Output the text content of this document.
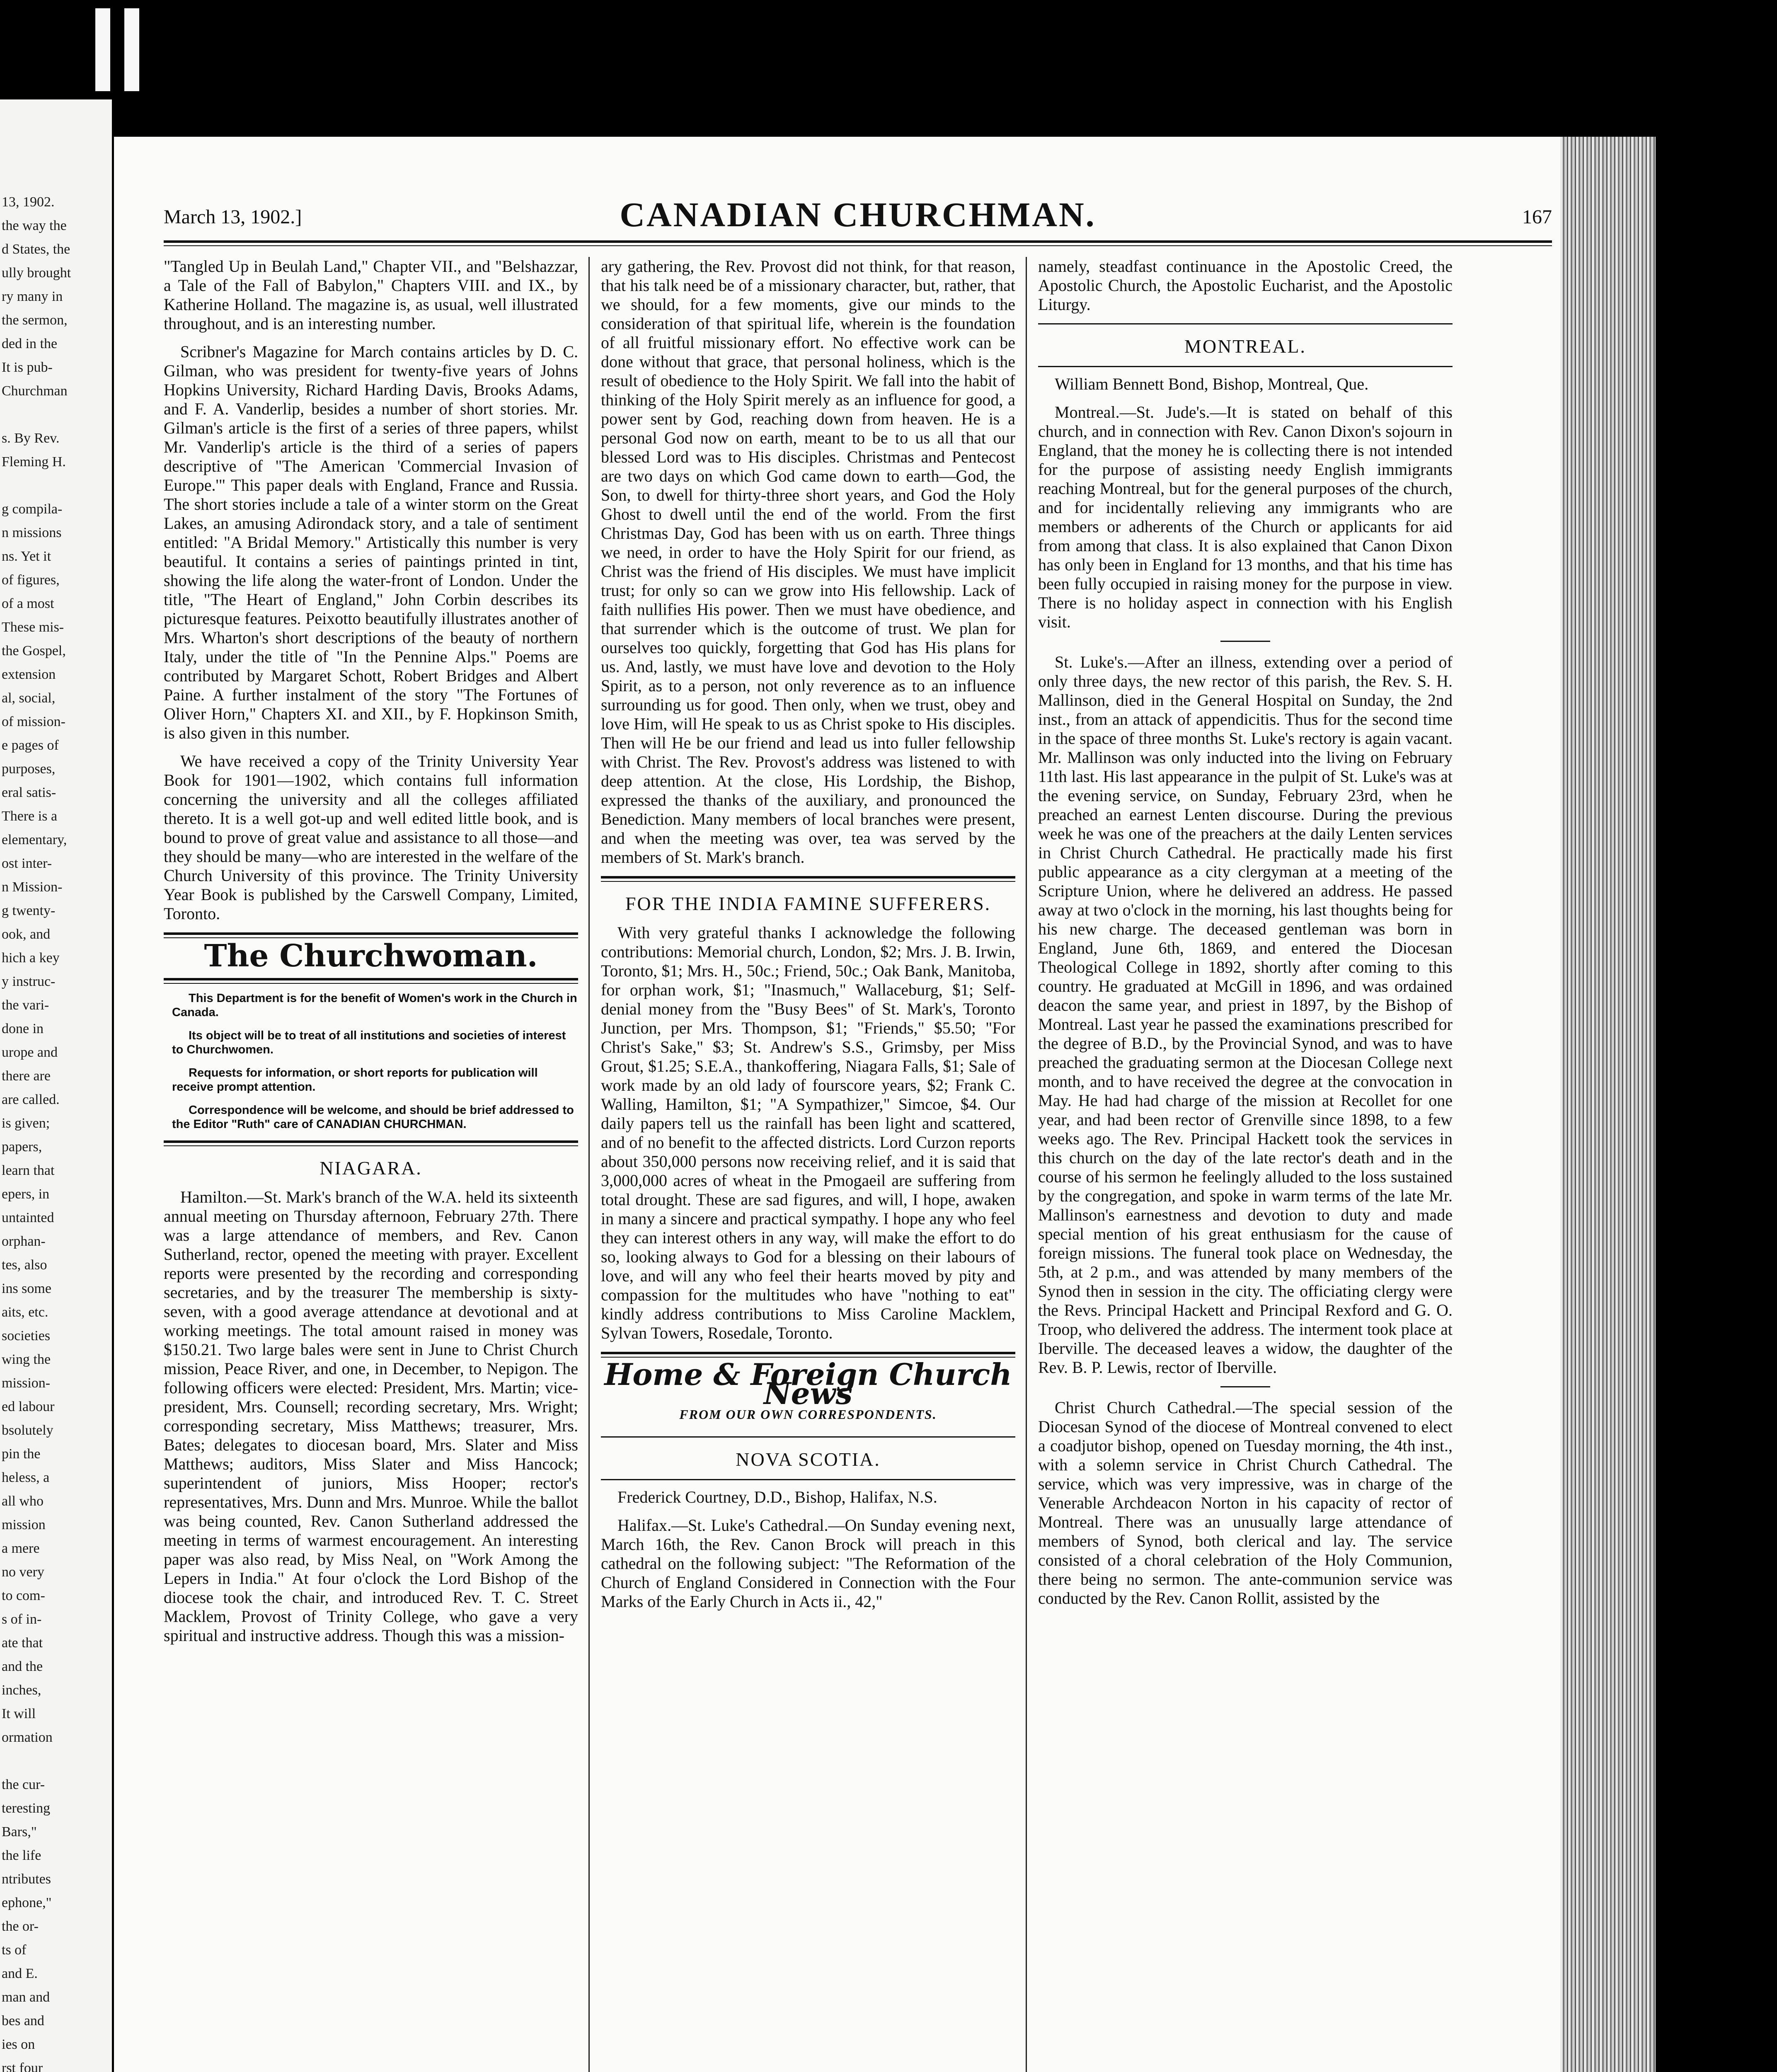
13, 1902.
the way the
d States, the
ully brought
ry many in
the sermon,
ded in the
It is pub-
Churchman
s. By Rev.
Fleming H.
g compila-
n missions
ns. Yet it
of figures,
of a most
These mis-
the Gospel,
extension
al, social,
of mission-
e pages of
purposes,
eral satis-
There is a
elementary,
ost inter-
n Mission-
g twenty-
ook, and
hich a key
y instruc-
the vari-
done in
urope and
there are
are called.
is given;
papers,
learn that
epers, in
untainted
orphan-
tes, also
ins some
aits, etc.
societies
wing the
mission-
ed labour
bsolutely
pin the
heless, a
all who
mission
a mere
no very
to com-
s of in-
ate that
and the
inches,
It will
ormation
the cur-
teresting
Bars,"
the life
ntributes
ephone,"
the or-
ts of
and E.
man and
bes and
ies on
rst four
March 13, 1902.]	CANADIAN CHURCHMAN.	167

"Tangled Up in Beulah Land," Chapter VII., and "Belshazzar, a Tale of the Fall of Babylon," Chapters VIII. and IX., by Katherine Holland. The magazine is, as usual, well illustrated throughout, and is an interesting number.

Scribner's Magazine for March contains articles by D. C. Gilman, who was president for twenty-five years of Johns Hopkins University, Richard Harding Davis, Brooks Adams, and F. A. Vanderlip, besides a number of short stories. Mr. Gilman's article is the first of a series of three papers, whilst Mr. Vanderlip's article is the third of a series of papers descriptive of "The American 'Commercial Invasion of Europe.'" This paper deals with England, France and Russia. The short stories include a tale of a winter storm on the Great Lakes, an amusing Adirondack story, and a tale of sentiment entitled: "A Bridal Memory." Artistically this number is very beautiful. It contains a series of paintings printed in tint, showing the life along the water-front of London. Under the title, "The Heart of England," John Corbin describes its picturesque features. Peixotto beautifully illustrates another of Mrs. Wharton's short descriptions of the beauty of northern Italy, under the title of "In the Pennine Alps." Poems are contributed by Margaret Schott, Robert Bridges and Albert Paine. A further instalment of the story "The Fortunes of Oliver Horn," Chapters XI. and XII., by F. Hopkinson Smith, is also given in this number.

We have received a copy of the Trinity University Year Book for 1901—1902, which contains full information concerning the university and all the colleges affiliated thereto. It is a well got-up and well edited little book, and is bound to prove of great value and assistance to all those—and they should be many—who are interested in the welfare of the Church University of this province. The Trinity University Year Book is published by the Carswell Company, Limited, Toronto.

The Churchwoman.

This Department is for the benefit of Women's work in the Church in Canada.

Its object will be to treat of all institutions and societies of interest to Churchwomen.

Requests for information, or short reports for publication will receive prompt attention.

Correspondence will be welcome, and should be brief addressed to the Editor "Ruth" care of CANADIAN CHURCHMAN.

NIAGARA.

Hamilton.—St. Mark's branch of the W.A. held its sixteenth annual meeting on Thursday afternoon, February 27th. There was a large attendance of members, and Rev. Canon Sutherland, rector, opened the meeting with prayer. Excellent reports were presented by the recording and corresponding secretaries, and by the treasurer The membership is sixty-seven, with a good average attendance at devotional and at working meetings. The total amount raised in money was $150.21. Two large bales were sent in June to Christ Church mission, Peace River, and one, in December, to Nepigon. The following officers were elected: President, Mrs. Martin; vice-president, Mrs. Counsell; recording secretary, Mrs. Wright; corresponding secretary, Miss Matthews; treasurer, Mrs. Bates; delegates to diocesan board, Mrs. Slater and Miss Matthews; auditors, Miss Slater and Miss Hancock; superintendent of juniors, Miss Hooper; rector's representatives, Mrs. Dunn and Mrs. Munroe. While the ballot was being counted, Rev. Canon Sutherland addressed the meeting in terms of warmest encouragement. An interesting paper was also read, by Miss Neal, on "Work Among the Lepers in India." At four o'clock the Lord Bishop of the diocese took the chair, and introduced Rev. T. C. Street Macklem, Provost of Trinity College, who gave a very spiritual and instructive address. Though this was a mission-

ary gathering, the Rev. Provost did not think, for that reason, that his talk need be of a missionary character, but, rather, that we should, for a few moments, give our minds to the consideration of that spiritual life, wherein is the foundation of all fruitful missionary effort. No effective work can be done without that grace, that personal holiness, which is the result of obedience to the Holy Spirit. We fall into the habit of thinking of the Holy Spirit merely as an influence for good, a power sent by God, reaching down from heaven. He is a personal God now on earth, meant to be to us all that our blessed Lord was to His disciples. Christmas and Pentecost are two days on which God came down to earth—God, the Son, to dwell for thirty-three short years, and God the Holy Ghost to dwell until the end of the world. From the first Christmas Day, God has been with us on earth. Three things we need, in order to have the Holy Spirit for our friend, as Christ was the friend of His disciples. We must have implicit trust; for only so can we grow into His fellowship. Lack of faith nullifies His power. Then we must have obedience, and that surrender which is the outcome of trust. We plan for ourselves too quickly, forgetting that God has His plans for us. And, lastly, we must have love and devotion to the Holy Spirit, as to a person, not only reverence as to an influence surrounding us for good. Then only, when we trust, obey and love Him, will He speak to us as Christ spoke to His disciples. Then will He be our friend and lead us into fuller fellowship with Christ. The Rev. Provost's address was listened to with deep attention. At the close, His Lordship, the Bishop, expressed the thanks of the auxiliary, and pronounced the Benediction. Many members of local branches were present, and when the meeting was over, tea was served by the members of St. Mark's branch.

FOR THE INDIA FAMINE SUFFERERS.

With very grateful thanks I acknowledge the following contributions: Memorial church, London, $2; Mrs. J. B. Irwin, Toronto, $1; Mrs. H., 50c.; Friend, 50c.; Oak Bank, Manitoba, for orphan work, $1; "Inasmuch," Wallaceburg, $1; Self-denial money from the "Busy Bees" of St. Mark's, Toronto Junction, per Mrs. Thompson, $1; "Friends," $5.50; "For Christ's Sake," $3; St. Andrew's S.S., Grimsby, per Miss Grout, $1.25; S.E.A., thankoffering, Niagara Falls, $1; Sale of work made by an old lady of fourscore years, $2; Frank C. Walling, Hamilton, $1; "A Sympathizer," Simcoe, $4. Our daily papers tell us the rainfall has been light and scattered, and of no benefit to the affected districts. Lord Curzon reports about 350,000 persons now receiving relief, and it is said that 3,000,000 acres of wheat in the Pmogaeil are suffering from total drought. These are sad figures, and will, I hope, awaken in many a sincere and practical sympathy. I hope any who feel they can interest others in any way, will make the effort to do so, looking always to God for a blessing on their labours of love, and will any who feel their hearts moved by pity and compassion for the multitudes who have "nothing to eat" kindly address contributions to Miss Caroline Macklem, Sylvan Towers, Rosedale, Toronto.

Home & Foreign Church News
FROM OUR OWN CORRESPONDENTS.
NOVA SCOTIA.

Frederick Courtney, D.D., Bishop, Halifax, N.S.

Halifax.—St. Luke's Cathedral.—On Sunday evening next, March 16th, the Rev. Canon Brock will preach in this cathedral on the following subject: "The Reformation of the Church of England Considered in Connection with the Four Marks of the Early Church in Acts ii., 42,"

namely, steadfast continuance in the Apostolic Creed, the Apostolic Church, the Apostolic Eucharist, and the Apostolic Liturgy.

MONTREAL.

William Bennett Bond, Bishop, Montreal, Que.

Montreal.—St. Jude's.—It is stated on behalf of this church, and in connection with Rev. Canon Dixon's sojourn in England, that the money he is collecting there is not intended for the purpose of assisting needy English immigrants reaching Montreal, but for the general purposes of the church, and for incidentally relieving any immigrants who are members or adherents of the Church or applicants for aid from among that class. It is also explained that Canon Dixon has only been in England for 13 months, and that his time has been fully occupied in raising money for the purpose in view. There is no holiday aspect in connection with his English visit.

St. Luke's.—After an illness, extending over a period of only three days, the new rector of this parish, the Rev. S. H. Mallinson, died in the General Hospital on Sunday, the 2nd inst., from an attack of appendicitis. Thus for the second time in the space of three months St. Luke's rectory is again vacant. Mr. Mallinson was only inducted into the living on February 11th last. His last appearance in the pulpit of St. Luke's was at the evening service, on Sunday, February 23rd, when he preached an earnest Lenten discourse. During the previous week he was one of the preachers at the daily Lenten services in Christ Church Cathedral. He practically made his first public appearance as a city clergyman at a meeting of the Scripture Union, where he delivered an address. He passed away at two o'clock in the morning, his last thoughts being for his new charge. The deceased gentleman was born in England, June 6th, 1869, and entered the Diocesan Theological College in 1892, shortly after coming to this country. He graduated at McGill in 1896, and was ordained deacon the same year, and priest in 1897, by the Bishop of Montreal. Last year he passed the examinations prescribed for the degree of B.D., by the Provincial Synod, and was to have preached the graduating sermon at the Diocesan College next month, and to have received the degree at the convocation in May. He had had charge of the mission at Recollet for one year, and had been rector of Grenville since 1898, to a few weeks ago. The Rev. Principal Hackett took the services in this church on the day of the late rector's death and in the course of his sermon he feelingly alluded to the loss sustained by the congregation, and spoke in warm terms of the late Mr. Mallinson's earnestness and devotion to duty and made special mention of his great enthusiasm for the cause of foreign missions. The funeral took place on Wednesday, the 5th, at 2 p.m., and was attended by many members of the Synod then in session in the city. The officiating clergy were the Revs. Principal Hackett and Principal Rexford and G. O. Troop, who delivered the address. The interment took place at Iberville. The deceased leaves a widow, the daughter of the Rev. B. P. Lewis, rector of Iberville.

Christ Church Cathedral.—The special session of the Diocesan Synod of the diocese of Montreal convened to elect a coadjutor bishop, opened on Tuesday morning, the 4th inst., with a solemn service in Christ Church Cathedral. The service, which was very impressive, was in charge of the Venerable Archdeacon Norton in his capacity of rector of Montreal. There was an unusually large attendance of members of Synod, both clerical and lay. The service consisted of a choral celebration of the Holy Communion, there being no sermon. The ante-communion service was conducted by the Rev. Canon Rollit, assisted by the
